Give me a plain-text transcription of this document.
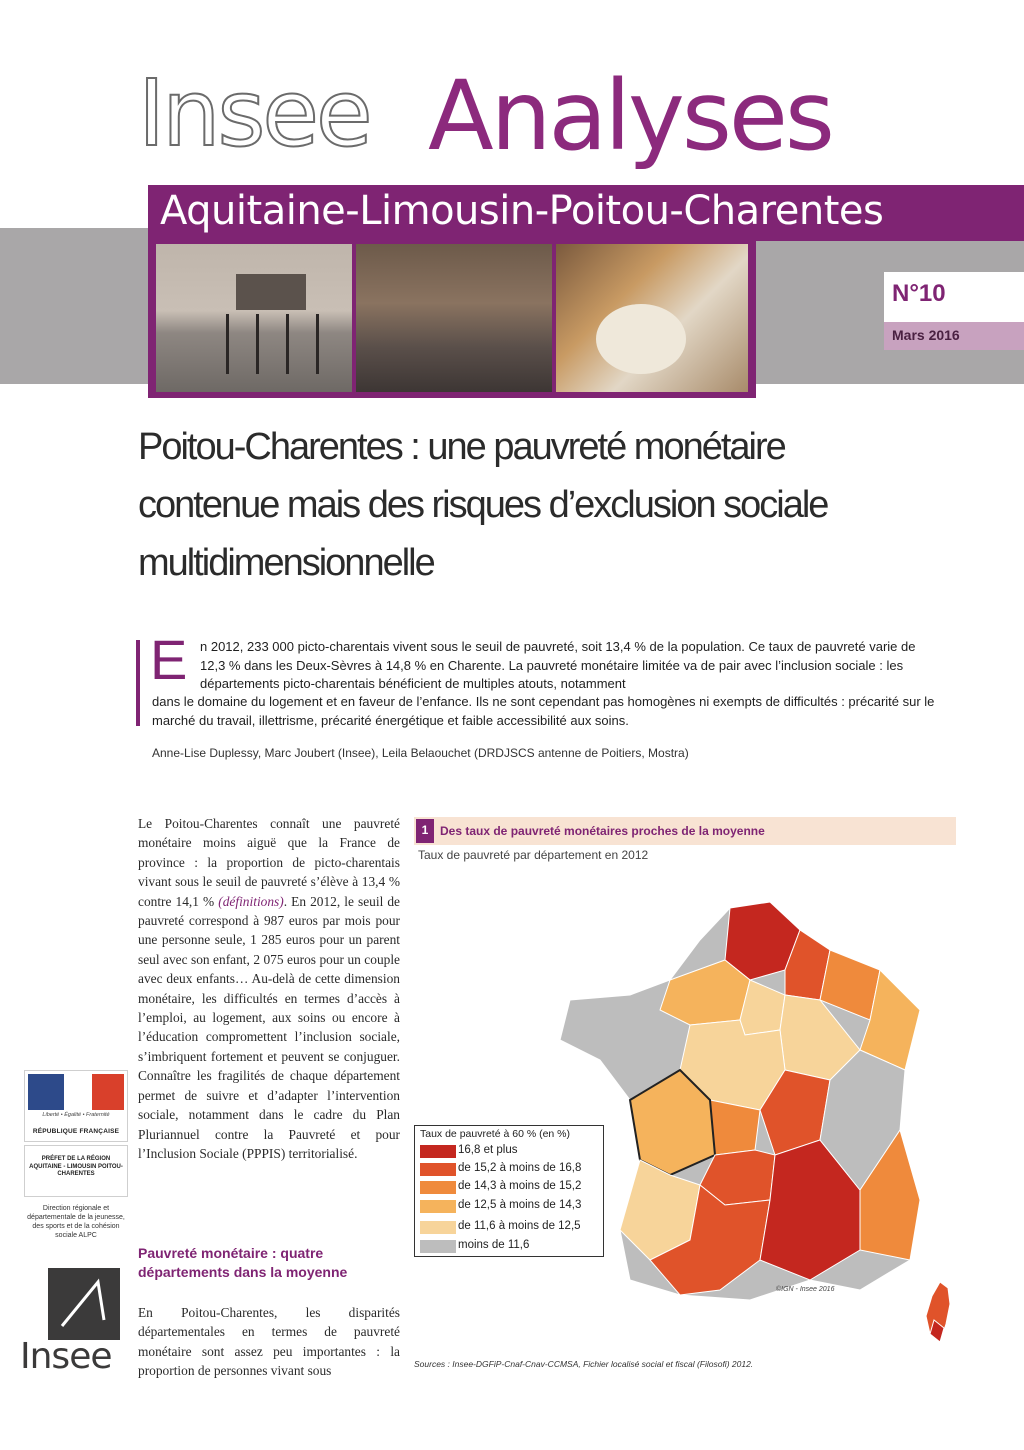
Insee Analyses
Aquitaine-Limousin-Poitou-Charentes
N°10
Mars 2016
Poitou-Charentes : une pauvreté monétaire contenue mais des risques d’exclusion sociale multidimensionnelle
E n 2012, 233 000 picto-charentais vivent sous le seuil de pauvreté, soit 13,4 % de la population. Ce taux de pauvreté varie de 12,3 % dans les Deux-Sèvres à 14,8 % en Charente. La pauvreté monétaire limitée va de pair avec l’inclusion sociale : les départements picto-charentais bénéficient de multiples atouts, notamment
dans le domaine du logement et en faveur de l’enfance. Ils ne sont cependant pas homogènes ni exempts de difficultés : précarité sur le marché du travail, illettrisme, précarité énergétique et faible accessibilité aux soins.
Anne-Lise Duplessy, Marc Joubert (Insee), Leila Belaouchet (DRDJSCS antenne de Poitiers, Mostra)
Le Poitou-Charentes connaît une pauvreté monétaire moins aiguë que la France de province : la proportion de picto-charentais vivant sous le seuil de pauvreté s’élève à 13,4 % contre 14,1 % (définitions). En 2012, le seuil de pauvreté correspond à 987 euros par mois pour une personne seule, 1 285 euros pour un parent seul avec son enfant, 2 075 euros pour un couple avec deux enfants… Au-delà de cette dimension monétaire, les difficultés en termes d’accès à l’emploi, au logement, aux soins ou encore à l’éducation compromettent l’inclusion sociale, s’imbriquent fortement et peuvent se conjuguer. Connaître les fragilités de chaque département permet de suivre et d’adapter l’intervention sociale, notamment dans le cadre du Plan Pluriannuel contre la Pauvreté et pour l’Inclusion Sociale (PPPIS) territorialisé.
Pauvreté monétaire : quatre départements dans la moyenne
En Poitou-Charentes, les disparités départementales en termes de pauvreté monétaire sont assez peu importantes : la proportion de personnes vivant sous
Liberté • Égalité • Fraternité
RÉPUBLIQUE FRANÇAISE
PRÉFET DE LA RÉGION AQUITAINE - LIMOUSIN POITOU-CHARENTES
Direction régionale et départementale de la jeunesse, des sports et de la cohésion sociale ALPC
Insee
1 Des taux de pauvreté monétaires proches de la moyenne
Taux de pauvreté par département en 2012
Taux de pauvreté à 60 % (en %)
16,8 et plus
de 15,2 à moins de 16,8
de 14,3 à moins de 15,2
de 12,5 à moins de 14,3
de 11,6 à moins de 12,5
moins de 11,6
©IGN - Insee 2016
Sources : Insee-DGFiP-Cnaf-Cnav-CCMSA, Fichier localisé social et fiscal (Filosofi) 2012.
